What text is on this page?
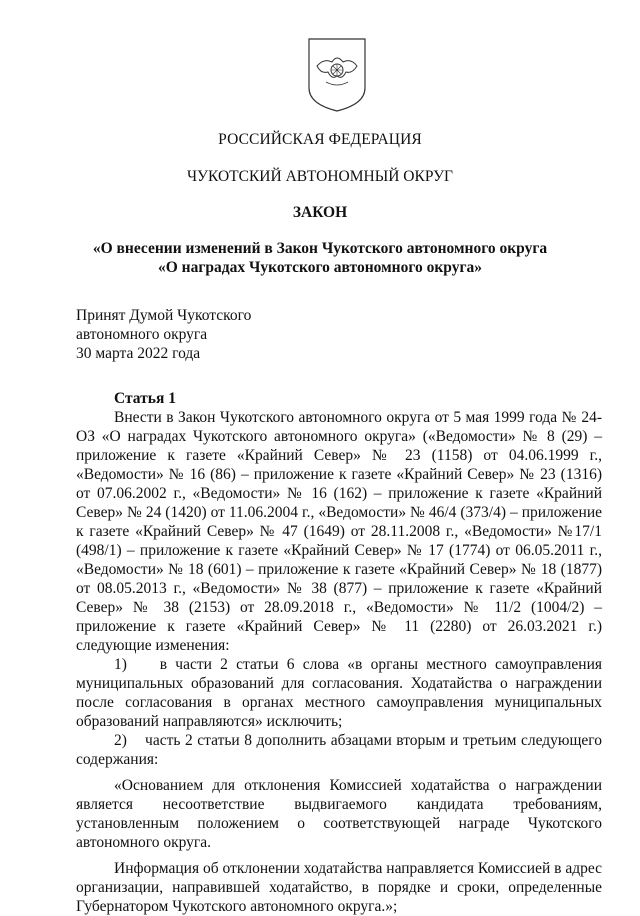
РОССИЙСКАЯ ФЕДЕРАЦИЯ
ЧУКОТСКИЙ АВТОНОМНЫЙ ОКРУГ
ЗАКОН
«О внесении изменений в Закон Чукотского автономного округа
«О наградах Чукотского автономного округа»
Принят Думой Чукотского
автономного округа
30 марта 2022 года

Статья 1

Внести в Закон Чукотского автономного округа от 5 мая 1999 года № 24-ОЗ «О наградах Чукотского автономного округа» («Ведомости» № 8 (29) – приложение к газете «Крайний Север» № 23 (1158) от 04.06.1999 г., «Ведомости» № 16 (86) – приложение к газете «Крайний Север» № 23 (1316) от 07.06.2002 г., «Ведомости» № 16 (162) – приложение к газете «Крайний Север» № 24 (1420) от 11.06.2004 г., «Ведомости» № 46/4 (373/4) – приложение к газете «Крайний Север» № 47 (1649) от 28.11.2008 г., «Ведомости» №17/1 (498/1) – приложение к газете «Крайний Север» № 17 (1774) от 06.05.2011 г., «Ведомости» № 18 (601) – приложение к газете «Крайний Север» № 18 (1877) от 08.05.2013 г., «Ведомости» № 38 (877) – приложение к газете «Крайний Север» № 38 (2153) от 28.09.2018 г., «Ведомости» № 11/2 (1004/2) – приложение к газете «Крайний Север» № 11 (2280) от 26.03.2021 г.) следующие изменения:

1)    в части 2 статьи 6 слова «в органы местного самоуправления муниципальных образований для согласования. Ходатайства о награждении после согласования в органах местного самоуправления муниципальных образований направляются» исключить;

2)    часть 2 статьи 8 дополнить абзацами вторым и третьим следующего содержания:

«Основанием для отклонения Комиссией ходатайства о награждении является несоответствие выдвигаемого кандидата требованиям, установленным положением о соответствующей награде Чукотского автономного округа.

Информация об отклонении ходатайства направляется Комиссией в адрес организации, направившей ходатайство, в порядке и сроки, определенные Губернатором Чукотского автономного округа.»;
